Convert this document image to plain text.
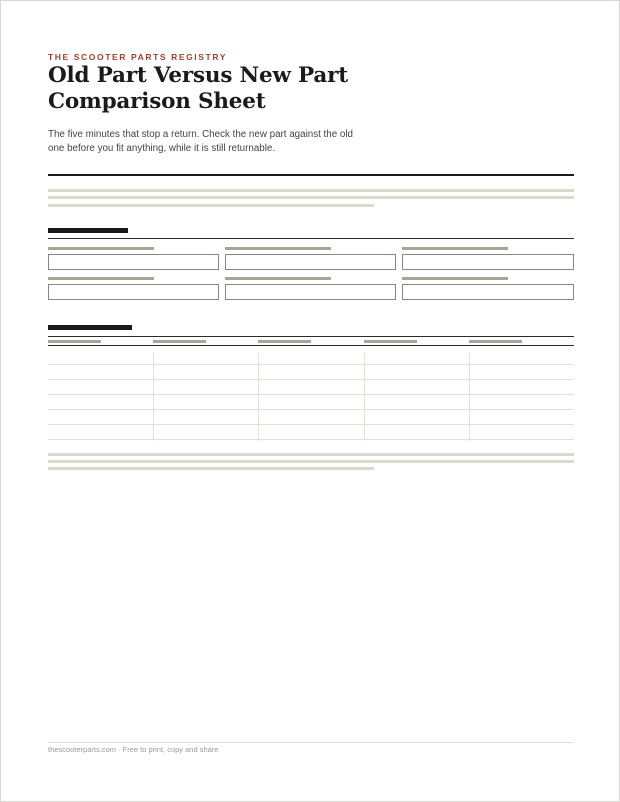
THE SCOOTER PARTS REGISTRY
Old Part Versus New Part Comparison Sheet
The five minutes that stop a return. Check the new part against the old one before you fit anything, while it is still returnable.
thescooterparts.com · Free to print, copy and share
